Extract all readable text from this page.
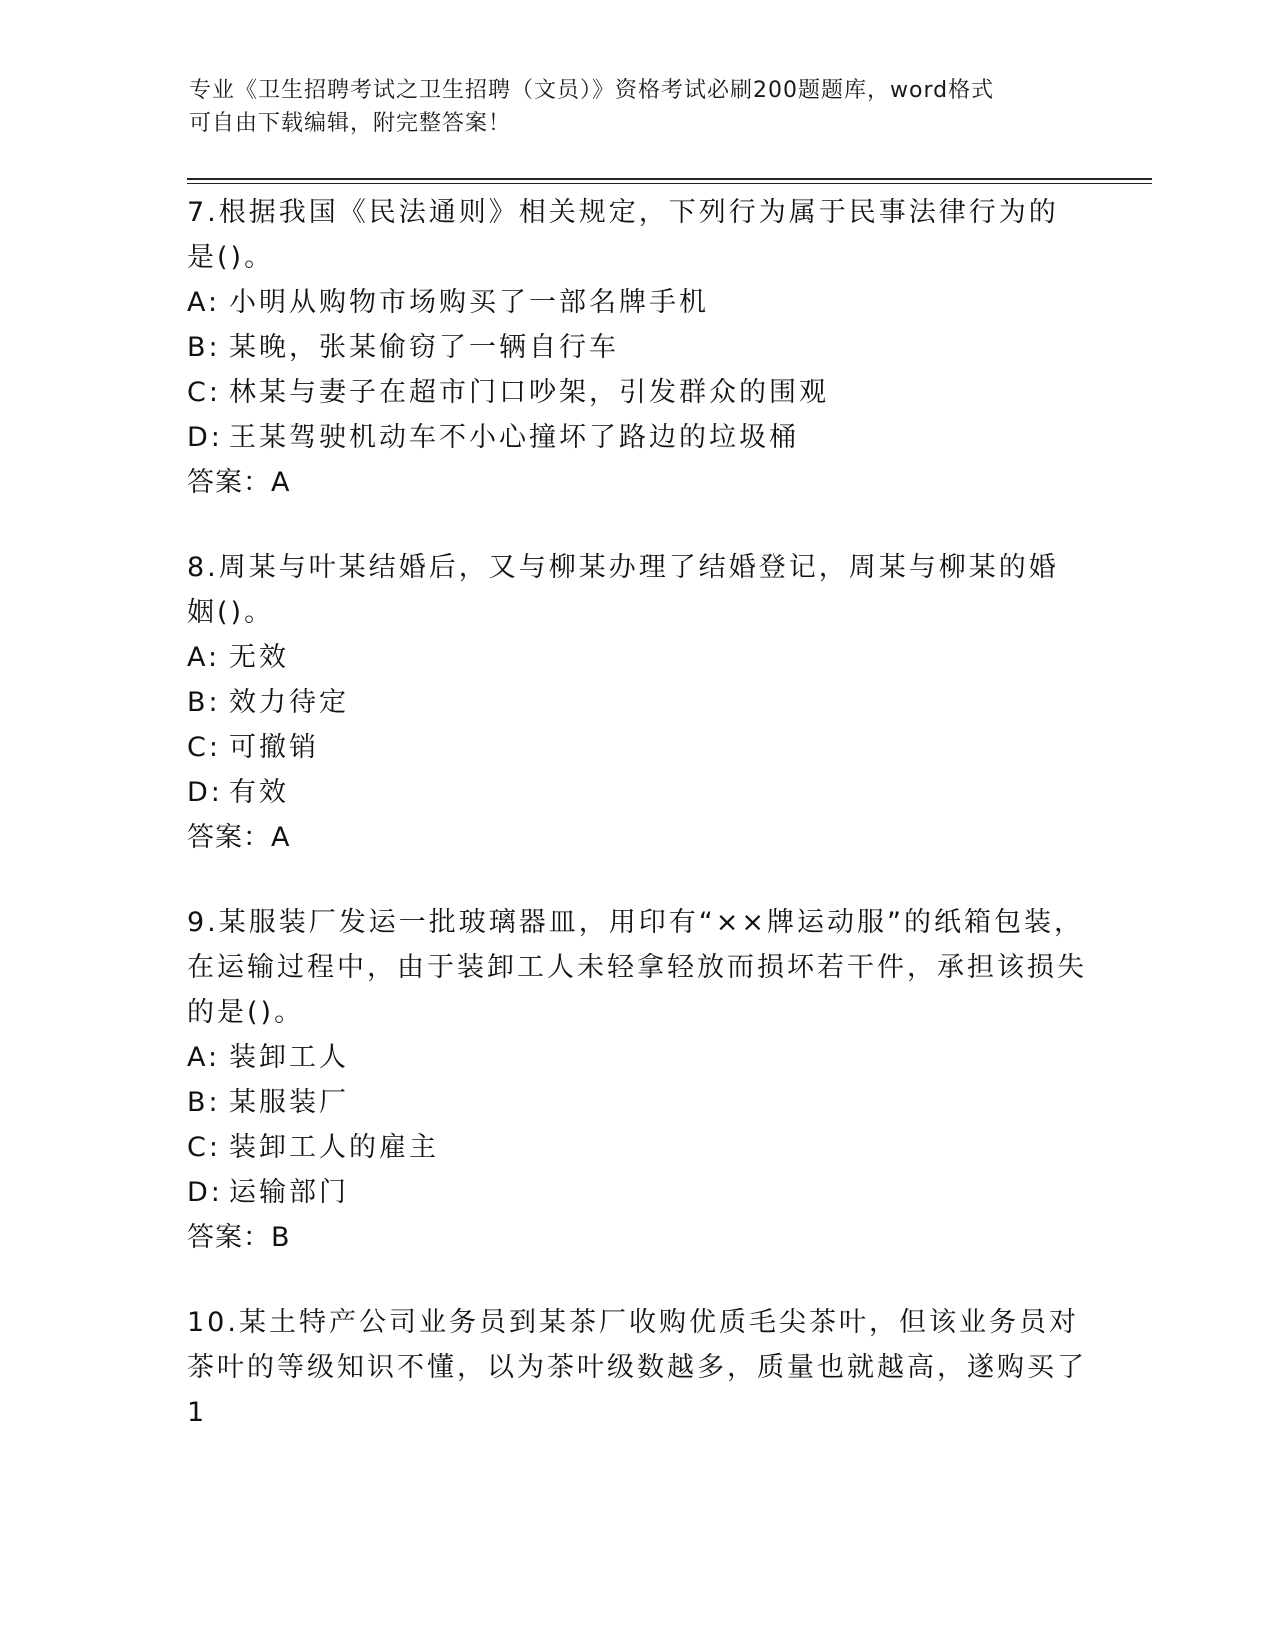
专业《卫生招聘考试之卫生招聘（文员）》资格考试必刷200题题库，word格式
可自由下载编辑，附完整答案！

7.根据我国《民法通则》相关规定，下列行为属于民事法律行为的是()。

A: 小明从购物市场购买了一部名牌手机

B: 某晚，张某偷窃了一辆自行车

C: 林某与妻子在超市门口吵架，引发群众的围观

D: 王某驾驶机动车不小心撞坏了路边的垃圾桶

答案：A

8.周某与叶某结婚后，又与柳某办理了结婚登记，周某与柳某的婚姻()。

A: 无效

B: 效力待定

C: 可撤销

D: 有效

答案：A

9.某服装厂发运一批玻璃器皿，用印有“××牌运动服”的纸箱包装，在运输过程中，由于装卸工人未轻拿轻放而损坏若干件，承担该损失的是()。

A: 装卸工人

B: 某服装厂

C: 装卸工人的雇主

D: 运输部门

答案：B

10.某土特产公司业务员到某茶厂收购优质毛尖茶叶，但该业务员对茶叶的等级知识不懂，以为茶叶级数越多，质量也就越高，遂购买了1
